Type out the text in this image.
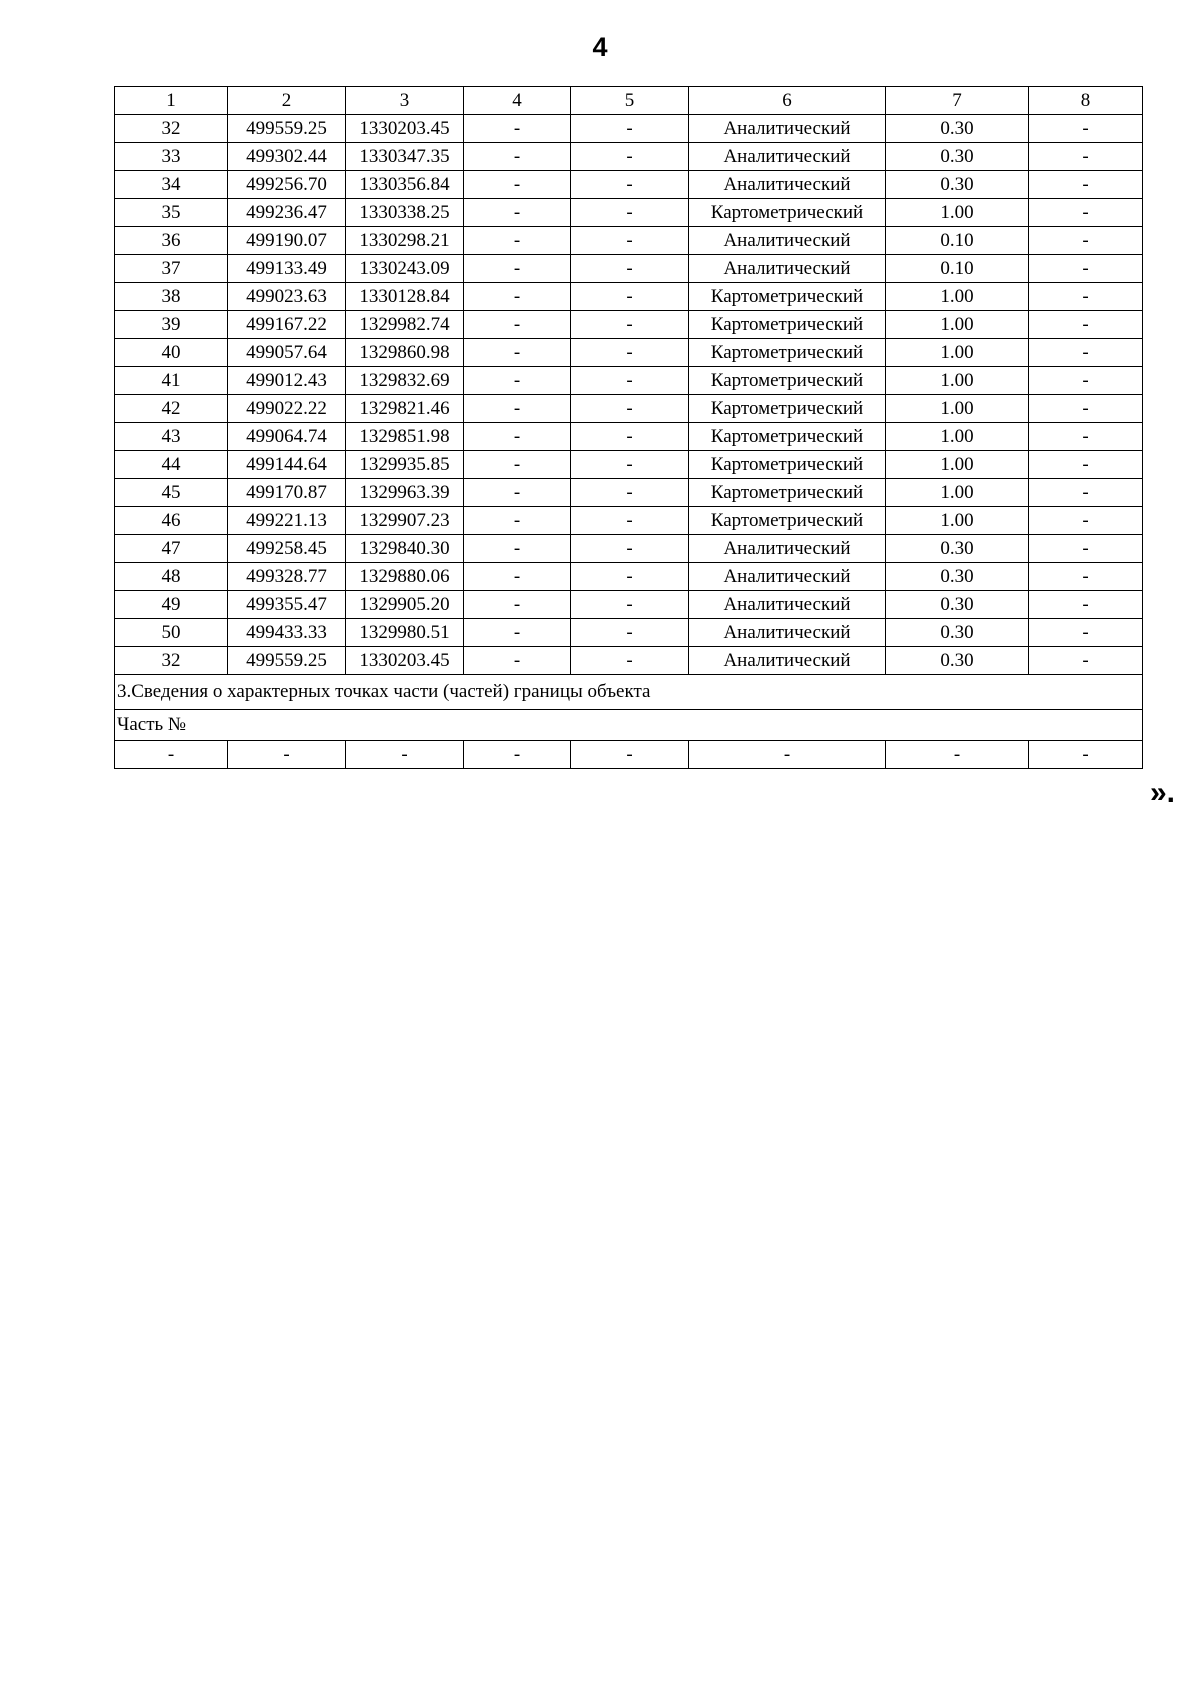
4
1	2	3	4	5	6	7	8
32	499559.25	1330203.45	-	-	Аналитический	0.30	-
33	499302.44	1330347.35	-	-	Аналитический	0.30	-
34	499256.70	1330356.84	-	-	Аналитический	0.30	-
35	499236.47	1330338.25	-	-	Картометрический	1.00	-
36	499190.07	1330298.21	-	-	Аналитический	0.10	-
37	499133.49	1330243.09	-	-	Аналитический	0.10	-
38	499023.63	1330128.84	-	-	Картометрический	1.00	-
39	499167.22	1329982.74	-	-	Картометрический	1.00	-
40	499057.64	1329860.98	-	-	Картометрический	1.00	-
41	499012.43	1329832.69	-	-	Картометрический	1.00	-
42	499022.22	1329821.46	-	-	Картометрический	1.00	-
43	499064.74	1329851.98	-	-	Картометрический	1.00	-
44	499144.64	1329935.85	-	-	Картометрический	1.00	-
45	499170.87	1329963.39	-	-	Картометрический	1.00	-
46	499221.13	1329907.23	-	-	Картометрический	1.00	-
47	499258.45	1329840.30	-	-	Аналитический	0.30	-
48	499328.77	1329880.06	-	-	Аналитический	0.30	-
49	499355.47	1329905.20	-	-	Аналитический	0.30	-
50	499433.33	1329980.51	-	-	Аналитический	0.30	-
32	499559.25	1330203.45	-	-	Аналитический	0.30	-
3.Сведения о характерных точках части (частей) границы объекта							
Часть №							
-	-	-	-	-	-	-	-
».
